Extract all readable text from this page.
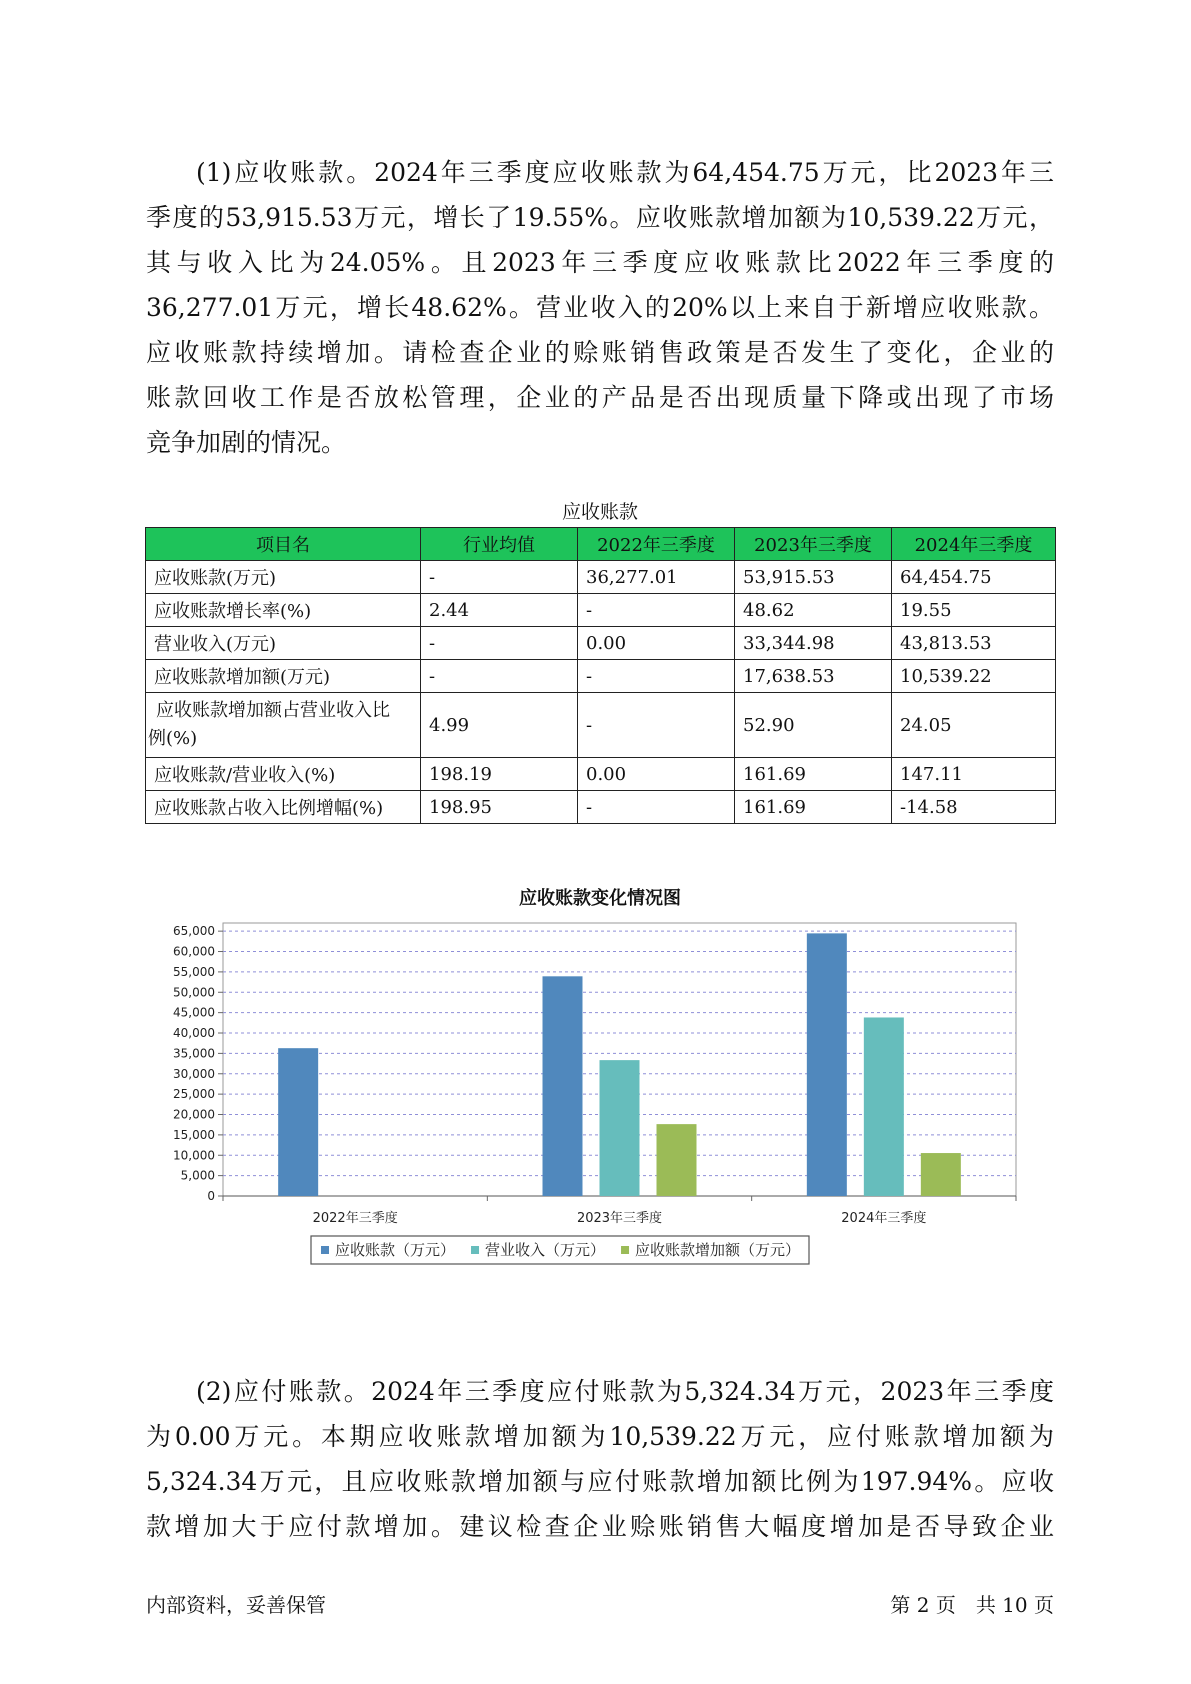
(1)应收账款。2024年三季度应收账款为64,454.75万元，比2023年三
季度的53,915.53万元，增长了19.55%。应收账款增加额为10,539.22万元，
其与收入比为24.05%。且2023年三季度应收账款比2022年三季度的
36,277.01万元，增长48.62%。营业收入的20%以上来自于新增应收账款。
应收账款持续增加。请检查企业的赊账销售政策是否发生了变化，企业的
账款回收工作是否放松管理，企业的产品是否出现质量下降或出现了市场
竞争加剧的情况。
应收账款
项目名	行业均值	2022年三季度	2023年三季度	2024年三季度
应收账款(万元)	-	36,277.01	53,915.53	64,454.75
应收账款增长率(%)	2.44	-	48.62	19.55
营业收入(万元)	-	0.00	33,344.98	43,813.53
应收账款增加额(万元)	-	-	17,638.53	10,539.22

应收账款增加额占营业收入比
例(%)	4.99	-	52.90	24.05
应收账款/营业收入(%)	198.19	0.00	161.69	147.11
应收账款占收入比例增幅(%)	198.95	-	161.69	-14.58
应收账款变化情况图
0
5,000
10,000
15,000
20,000
25,000
30,000
35,000
40,000
45,000
50,000
55,000
60,000
65,000
2022年三季度	2023年三季度	2024年三季度
应收账款（万元） 营业收入（万元） 应收账款增加额（万元）
(2)应付账款。2024年三季度应付账款为5,324.34万元，2023年三季度
为0.00万元。本期应收账款增加额为10,539.22万元，应付账款增加额为
5,324.34万元，且应收账款增加额与应付账款增加额比例为197.94%。应收
款增加大于应付款增加。建议检查企业赊账销售大幅度增加是否导致企业
内部资料，妥善保管	第 2 页　共 10 页
